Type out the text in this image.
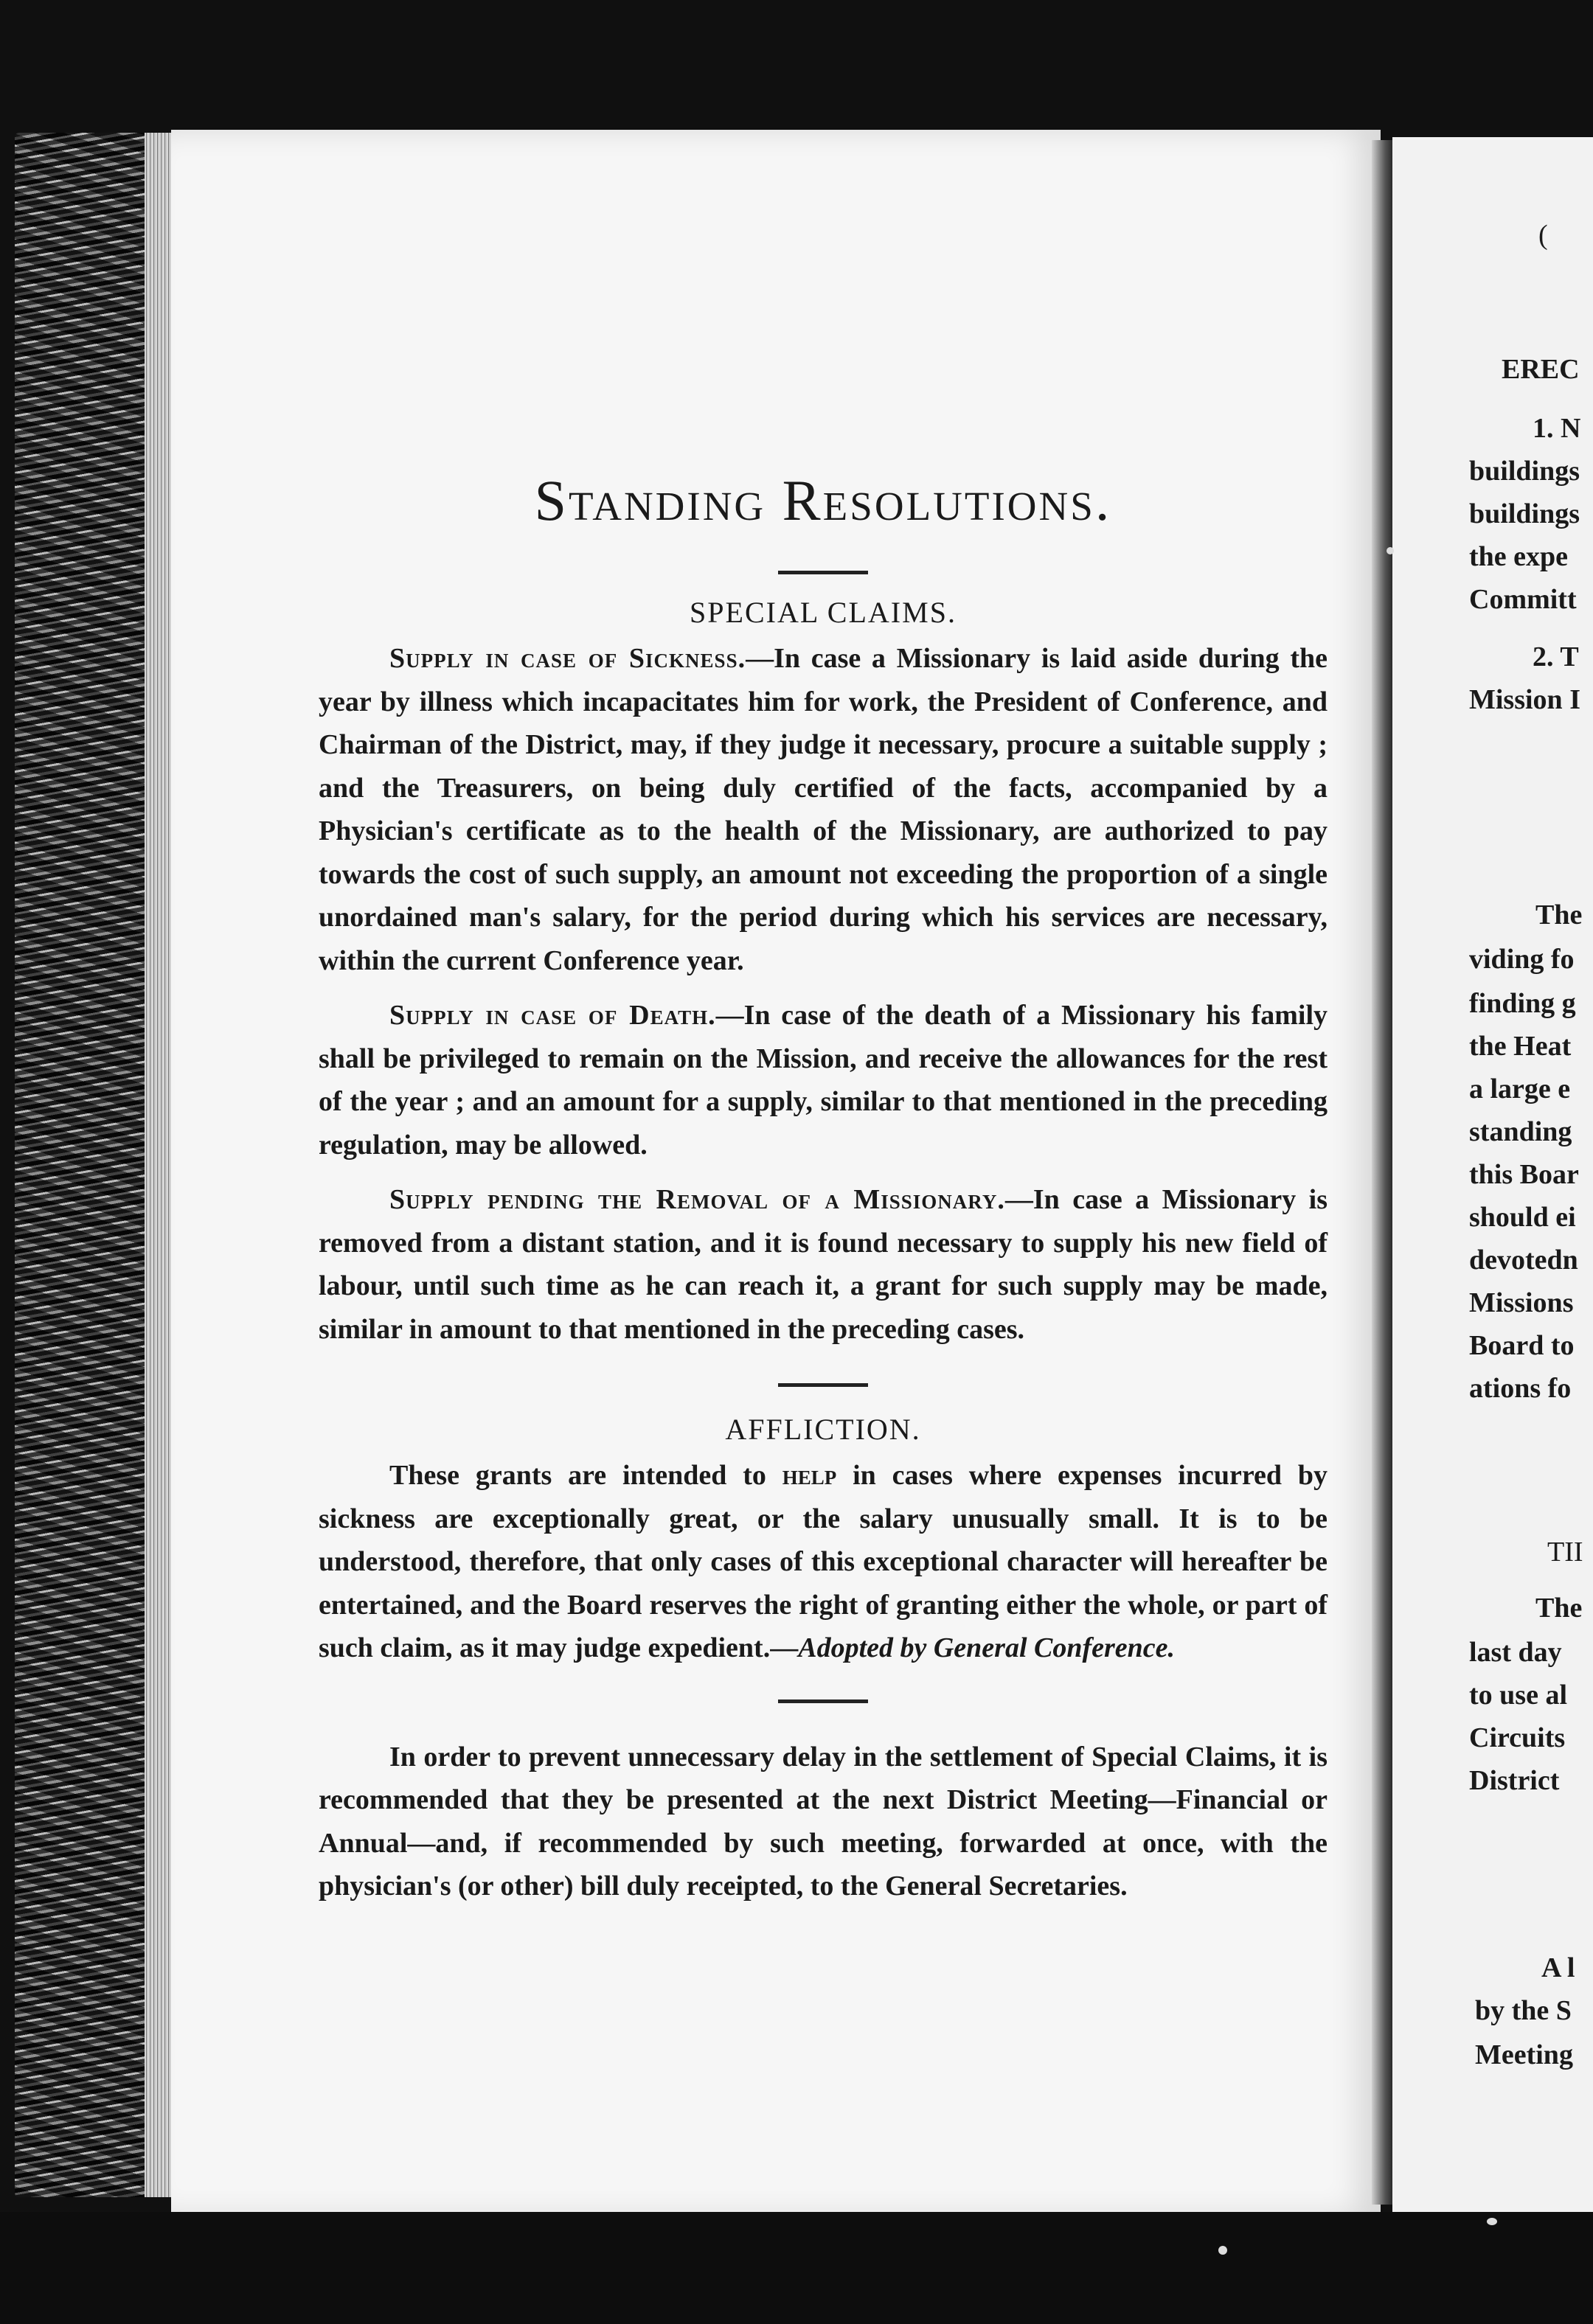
Standing Resolutions.
SPECIAL CLAIMS.

Supply in case of Sickness.—In case a Missionary is laid aside during the year by illness which incapacitates him for work, the President of Conference, and Chairman of the District, may, if they judge it necessary, procure a suitable supply ; and the Treasurers, on being duly certified of the facts, accompanied by a Physician's certificate as to the health of the Missionary, are authorized to pay towards the cost of such supply, an amount not exceeding the proportion of a single unordained man's salary, for the period during which his services are necessary, within the current Conference year.

Supply in case of Death.—In case of the death of a Missionary his family shall be privileged to remain on the Mission, and receive the allowances for the rest of the year ; and an amount for a supply, similar to that mentioned in the preceding regulation, may be allowed.

Supply pending the Removal of a Missionary.—In case a Missionary is removed from a distant station, and it is found necessary to supply his new field of labour, until such time as he can reach it, a grant for such supply may be made, similar in amount to that mentioned in the preceding cases.

AFFLICTION.

These grants are intended to help in cases where expenses incurred by sickness are exceptionally great, or the salary unusually small. It is to be understood, therefore, that only cases of this exceptional character will hereafter be entertained, and the Board reserves the right of granting either the whole, or part of such claim, as it may judge expedient.—Adopted by General Conference.

In order to prevent unnecessary delay in the settlement of Special Claims, it is recommended that they be presented at the next District Meeting—Financial or Annual—and, if recommended by such meeting, forwarded at once, with the physician's (or other) bill duly receipted, to the General Secretaries.

(
EREC
1. N
buildings
buildings
the expe
Committ
2. T
Mission I
The
viding fo
finding g
the Heat
a large e
standing
this Boar
should ei
devotedn
Missions
Board to
ations fo
TII
The
last day
to use al
Circuits
District
A l
by the S
Meeting
